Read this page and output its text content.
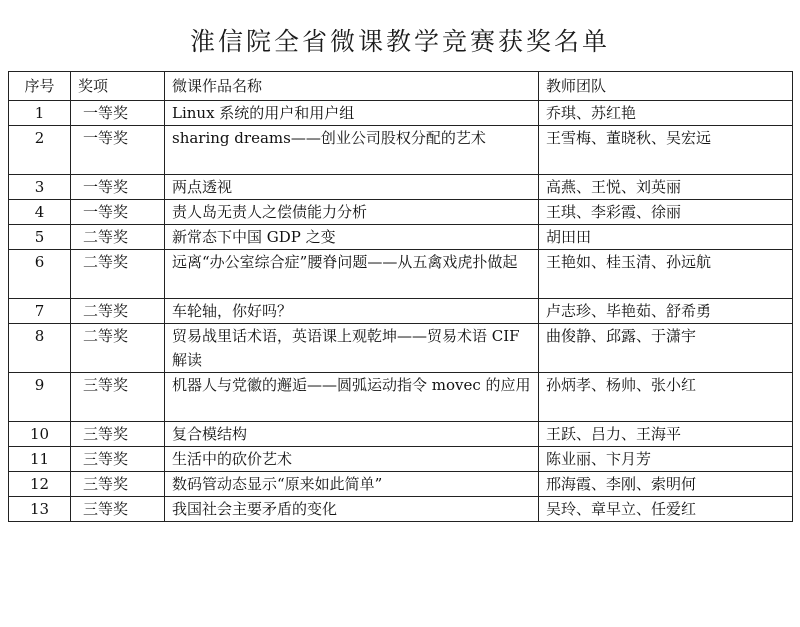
淮信院全省微课教学竞赛获奖名单
序号	奖项	微课作品名称	教师团队
1	一等奖	Linux 系统的用户和用户组	乔琪、苏红艳
2	一等奖	sharing dreams——创业公司股权分配的艺术	王雪梅、董晓秋、吴宏远
3	一等奖	两点透视	高燕、王悦、刘英丽
4	一等奖	责人岛无责人之偿债能力分析	王琪、李彩霞、徐丽
5	二等奖	新常态下中国 GDP 之变	胡田田
6	二等奖	远离“办公室综合症”腰脊问题——从五禽戏虎扑做起	王艳如、桂玉清、孙远航
7	二等奖	车轮轴，你好吗？	卢志珍、毕艳茹、舒希勇
8	二等奖	贸易战里话术语，英语课上观乾坤——贸易术语 CIF 解读	曲俊静、邱露、于潇宇
9	三等奖	机器人与党徽的邂逅——圆弧运动指令 movec 的应用	孙炳孝、杨帅、张小红
10	三等奖	复合模结构	王跃、吕力、王海平
11	三等奖	生活中的砍价艺术	陈业丽、卞月芳
12	三等奖	数码管动态显示“原来如此简单”	邢海霞、李刚、索明何
13	三等奖	我国社会主要矛盾的变化	吴玲、章早立、任爱红
